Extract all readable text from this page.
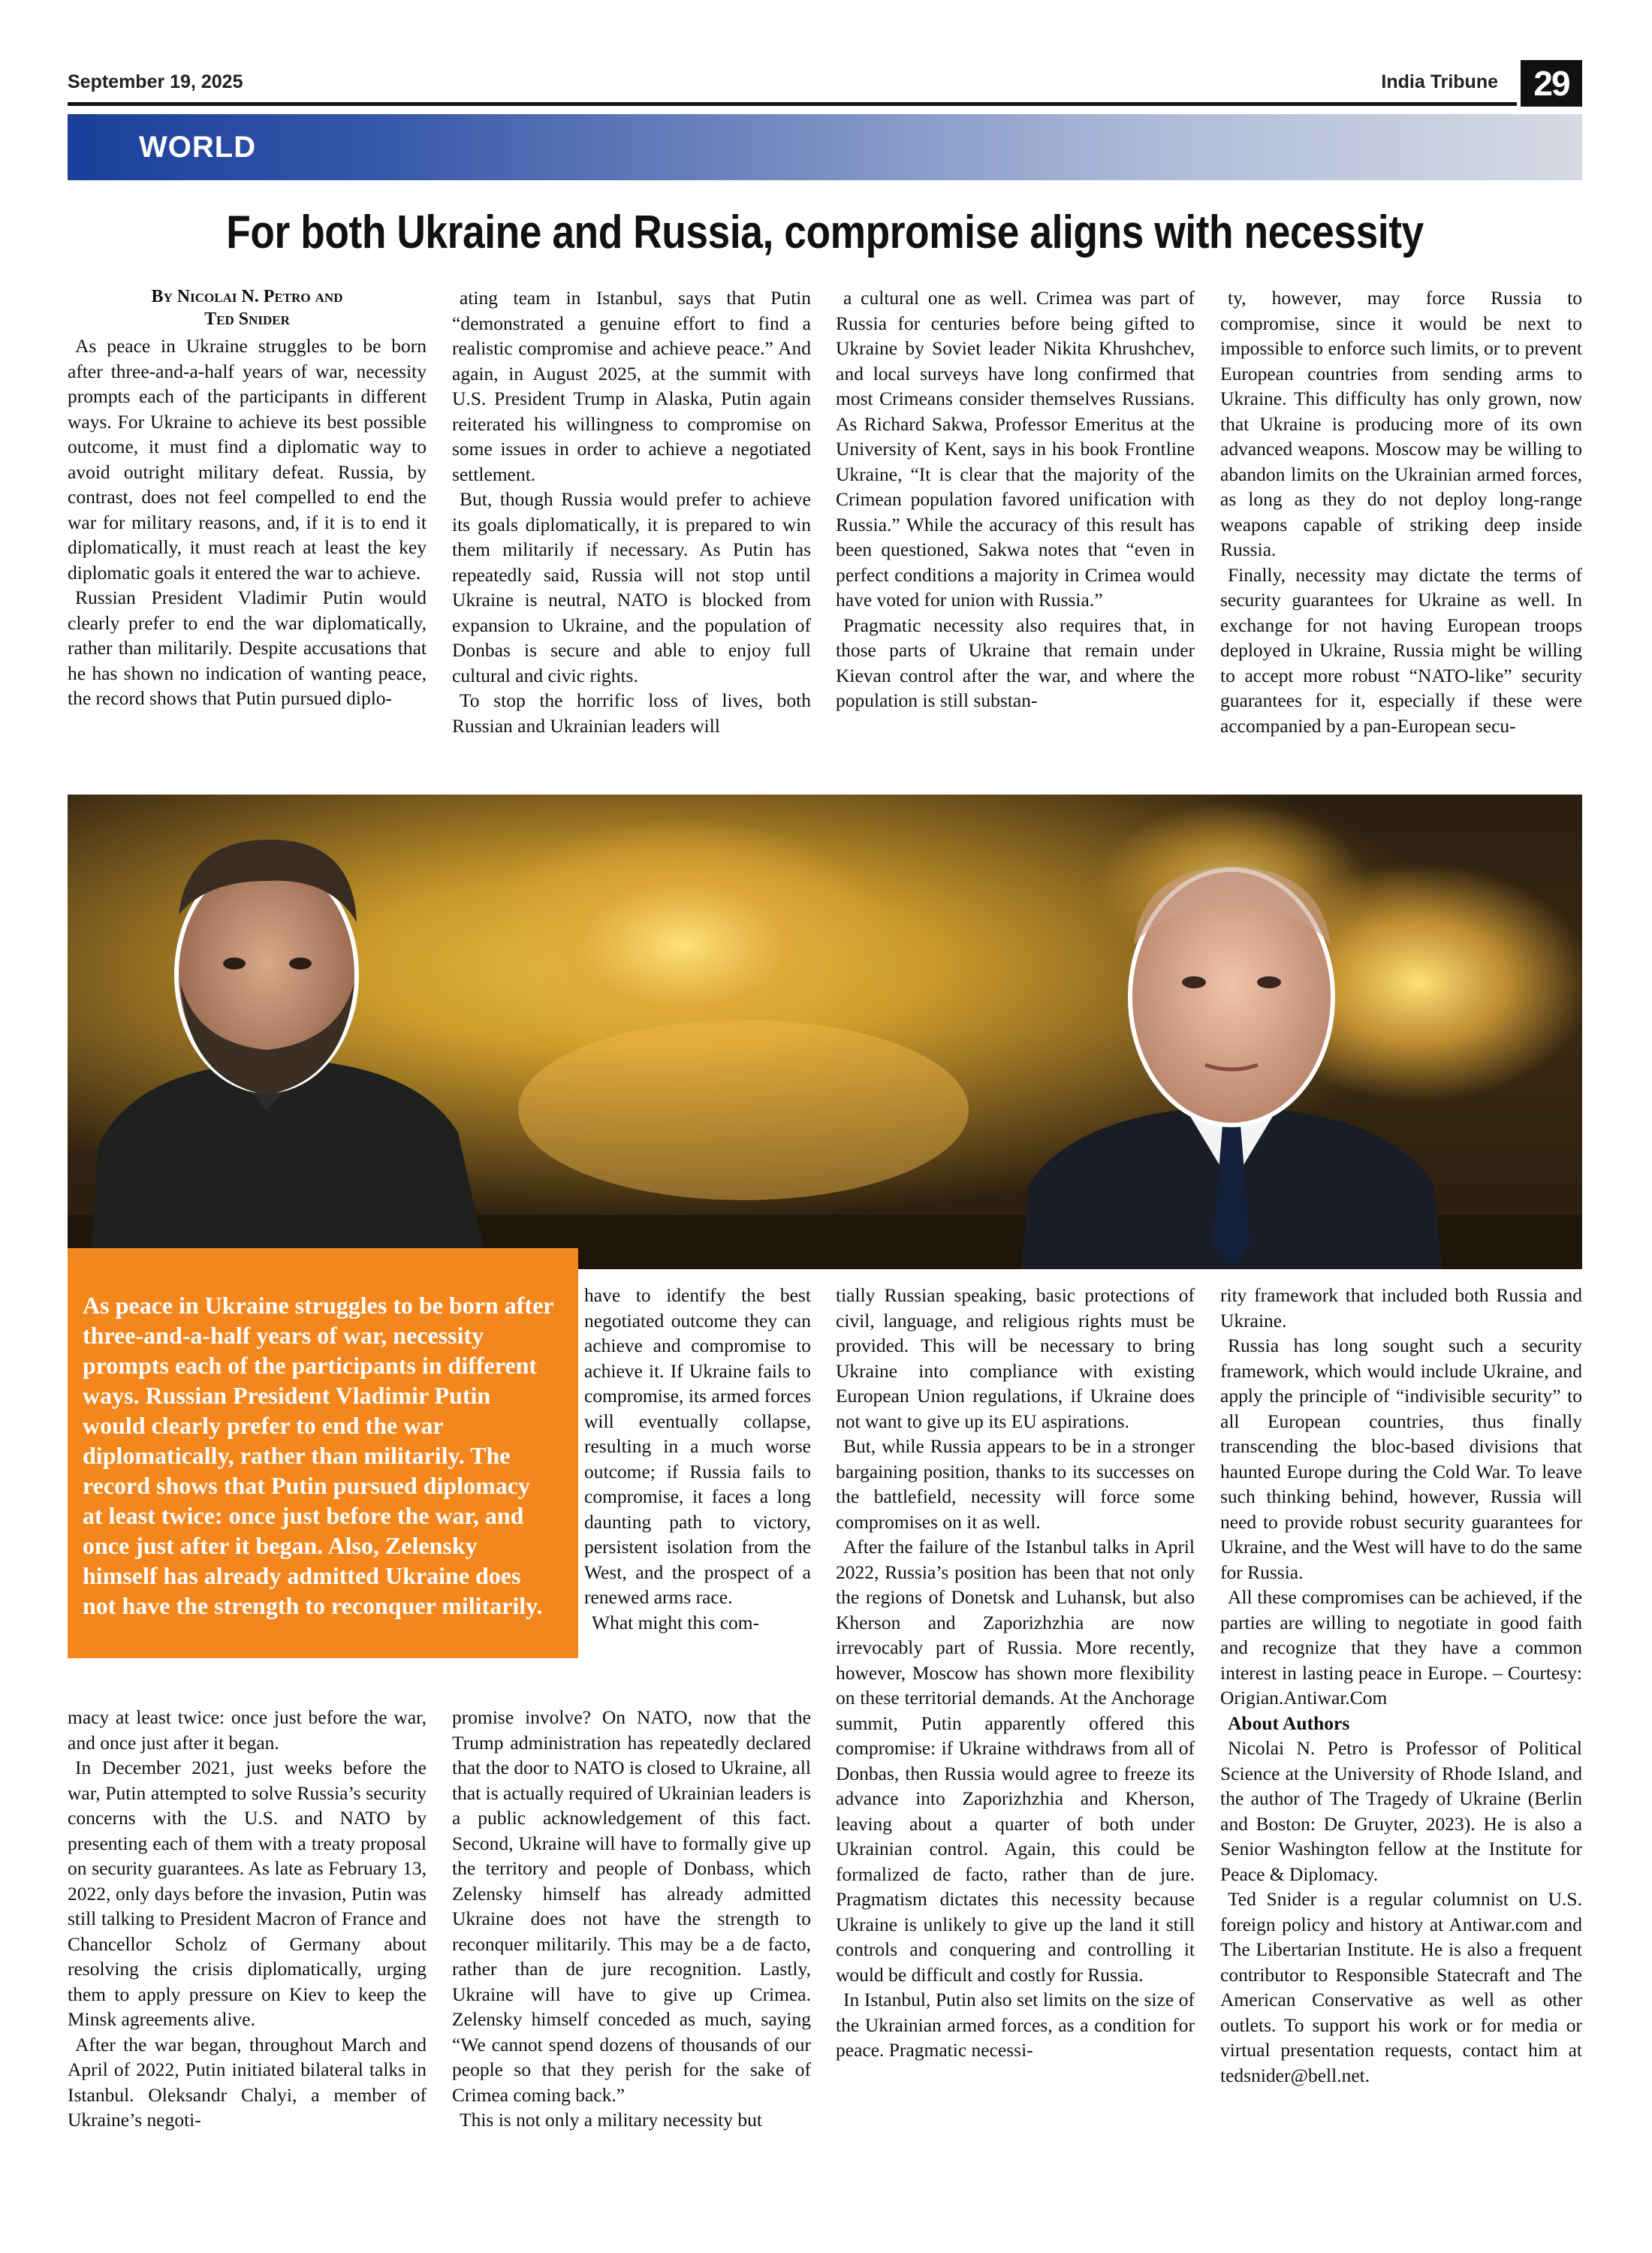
September 19, 2025	India Tribune	29
WORLD
For both Ukraine and Russia, compromise aligns with necessity
By Nicolai N. Petro and
Ted Snider

As peace in Ukraine struggles to be born after three-and-a-half years of war, necessity prompts each of the participants in different ways. For Ukraine to achieve its best possible outcome, it must find a diplomatic way to avoid outright military defeat. Russia, by contrast, does not feel compelled to end the war for military reasons, and, if it is to end it diplomatically, it must reach at least the key diplomatic goals it entered the war to achieve.

Russian President Vladimir Putin would clearly prefer to end the war diplomatically, rather than militarily. Despite accusations that he has shown no indication of wanting peace, the record shows that Putin pursued diplo-

ating team in Istanbul, says that Putin “demonstrated a genuine effort to find a realistic compromise and achieve peace.” And again, in August 2025, at the summit with U.S. President Trump in Alaska, Putin again reiterated his willingness to compromise on some issues in order to achieve a negotiated settlement.

But, though Russia would prefer to achieve its goals diplomatically, it is prepared to win them militarily if necessary. As Putin has repeatedly said, Russia will not stop until Ukraine is neutral, NATO is blocked from expansion to Ukraine, and the population of Donbas is secure and able to enjoy full cultural and civic rights.

To stop the horrific loss of lives, both Russian and Ukrainian leaders will

a cultural one as well. Crimea was part of Russia for centuries before being gifted to Ukraine by Soviet leader Nikita Khrushchev, and local surveys have long confirmed that most Crimeans consider themselves Russians. As Richard Sakwa, Professor Emeritus at the University of Kent, says in his book Frontline Ukraine, “It is clear that the majority of the Crimean population favored unification with Russia.” While the accuracy of this result has been questioned, Sakwa notes that “even in perfect conditions a majority in Crimea would have voted for union with Russia.”

Pragmatic necessity also requires that, in those parts of Ukraine that remain under Kievan control after the war, and where the population is still substan-

ty, however, may force Russia to compromise, since it would be next to impossible to enforce such limits, or to prevent European countries from sending arms to Ukraine. This difficulty has only grown, now that Ukraine is producing more of its own advanced weapons. Moscow may be willing to abandon limits on the Ukrainian armed forces, as long as they do not deploy long-range weapons capable of striking deep inside Russia.

Finally, necessity may dictate the terms of security guarantees for Ukraine as well. In exchange for not having European troops deployed in Ukraine, Russia might be willing to accept more robust “NATO-like” security guarantees for it, especially if these were accompanied by a pan-European secu-

As peace in Ukraine struggles to be born after three-and-a-half years of war, necessity prompts each of the participants in different ways. Russian President Vladimir Putin would clearly prefer to end the war diplomatically, rather than militarily. The record shows that Putin pursued diplomacy at least twice: once just before the war, and once just after it began. Also, Zelensky himself has already admitted Ukraine does not have the strength to reconquer militarily.

have to identify the best negotiated outcome they can achieve and compromise to achieve it. If Ukraine fails to compromise, its armed forces will eventually collapse, resulting in a much worse outcome; if Russia fails to compromise, it faces a long daunting path to victory, persistent isolation from the West, and the prospect of a renewed arms race.

What might this com-

macy at least twice: once just before the war, and once just after it began.

In December 2021, just weeks before the war, Putin attempted to solve Russia’s security concerns with the U.S. and NATO by presenting each of them with a treaty proposal on security guarantees. As late as February 13, 2022, only days before the invasion, Putin was still talking to President Macron of France and Chancellor Scholz of Germany about resolving the crisis diplomatically, urging them to apply pressure on Kiev to keep the Minsk agreements alive.

After the war began, throughout March and April of 2022, Putin initiated bilateral talks in Istanbul. Oleksandr Chalyi, a member of Ukraine’s negoti-

promise involve? On NATO, now that the Trump administration has repeatedly declared that the door to NATO is closed to Ukraine, all that is actually required of Ukrainian leaders is a public acknowledgement of this fact. Second, Ukraine will have to formally give up the territory and people of Donbass, which Zelensky himself has already admitted Ukraine does not have the strength to reconquer militarily. This may be a de facto, rather than de jure recognition. Lastly, Ukraine will have to give up Crimea. Zelensky himself conceded as much, saying “We cannot spend dozens of thousands of our people so that they perish for the sake of Crimea coming back.”

This is not only a military necessity but

tially Russian speaking, basic protections of civil, language, and religious rights must be provided. This will be necessary to bring Ukraine into compliance with existing European Union regulations, if Ukraine does not want to give up its EU aspirations.

But, while Russia appears to be in a stronger bargaining position, thanks to its successes on the battlefield, necessity will force some compromises on it as well.

After the failure of the Istanbul talks in April 2022, Russia’s position has been that not only the regions of Donetsk and Luhansk, but also Kherson and Zaporizhzhia are now irrevocably part of Russia. More recently, however, Moscow has shown more flexibility on these territorial demands. At the Anchorage summit, Putin apparently offered this compromise: if Ukraine withdraws from all of Donbas, then Russia would agree to freeze its advance into Zaporizhzhia and Kherson, leaving about a quarter of both under Ukrainian control. Again, this could be formalized de facto, rather than de jure. Pragmatism dictates this necessity because Ukraine is unlikely to give up the land it still controls and conquering and controlling it would be difficult and costly for Russia.

In Istanbul, Putin also set limits on the size of the Ukrainian armed forces, as a condition for peace. Pragmatic necessi-

rity framework that included both Russia and Ukraine.

Russia has long sought such a security framework, which would include Ukraine, and apply the principle of “indivisible security” to all European countries, thus finally transcending the bloc-based divisions that haunted Europe during the Cold War. To leave such thinking behind, however, Russia will need to provide robust security guarantees for Ukraine, and the West will have to do the same for Russia.

All these compromises can be achieved, if the parties are willing to negotiate in good faith and recognize that they have a common interest in lasting peace in Europe. – Courtesy: Origian.Antiwar.Com

About Authors

Nicolai N. Petro is Professor of Political Science at the University of Rhode Island, and the author of The Tragedy of Ukraine (Berlin and Boston: De Gruyter, 2023). He is also a Senior Washington fellow at the Institute for Peace & Diplomacy.

Ted Snider is a regular columnist on U.S. foreign policy and history at Antiwar.com and The Libertarian Institute. He is also a frequent contributor to Responsible Statecraft and The American Conservative as well as other outlets. To support his work or for media or virtual presentation requests, contact him at tedsnider@bell.net.
